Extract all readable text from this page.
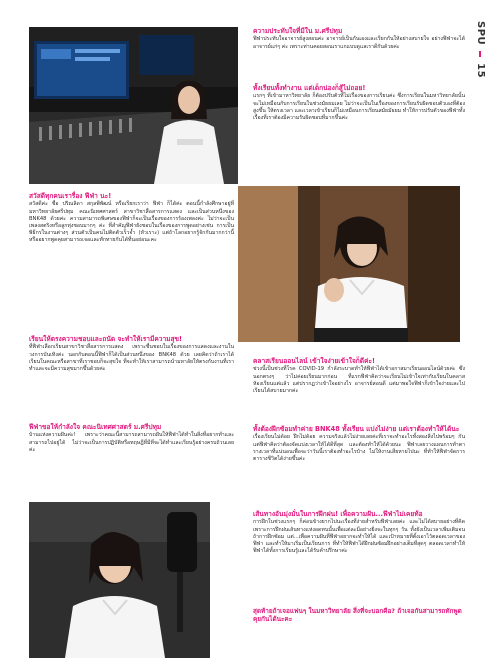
SPU  15

ความประทับใจที่มีใน ม.ศรีปทุม

ฟีฟ่าประทับใจอาจารย์สูงสอนค่ะ อาจารย์เป็นกันเองและเรียกกันให้อย่างสบายใจ อย่างฟีฟ่าจะได้อาจารย์แก่ๆ ค่ะ เพราะท่านคอยสอนเราแกแบบดูแลเราดีกันด้วยค่ะ

ทั้งเรียนทั้งทำงาน แต่เด็กน่องก็สู้ไม่ถอย!

แรกๆ ที่เข้ามาหาวิทยาลัย ก็ต้องปรับตัวที่ไม่เรื่องของการเรียนค่ะ ซึ่งการเรียนในมหาวิทยาลัยนั้นจะไม่เหมือนกับการเรียนในช่วงมัธยมเลย ไม่ว่าจะเป็นในเรื่องของการเรียนรับผิดชอบตัวเองที่ต้องสูงขึ้น ให้ตรงเวลา และเวลาเข้าเรียนก็ไม่เหมือนการเรียนสมัยมัธยม ทำให้การปรับตัวของฟีฟ่าทั้งเรื่องที่เราต้องมีความรับผิดชอบที่มากขึ้นค่ะ

สวัสดีทุกคนเรารื่อง ฟีฟ่า นะ!

สวัสดีค่ะ ชื่อ ปริณลิดา สกุลพีพัฒน์ หรือเรียกเราว่า ฟีฟ่า ก็ได้ค่ะ ตอนนี้กำลังศึกษาอยู่ที่มหาวิทยาลัยศรีปทุม คณะนิเทศศาสตร์ สาขาวิชาสื่อสารการแสดง และเป็นส่วนหนึ่งของ BNK48 ด้วยค่ะ ความสามารถพิเศษของฟีฟ่าก็จะเป็นเรื่องของการร้องเพลงค่ะ ไม่ว่าจะเป็นเพลงสตริงหรือลูกทุ่งชอบมากๆ ค่ะ ที่สำคัญฟีฟ่ายังชอบในเรื่องของการพูดอย่างเช่น การเป็นพิธีกรในงานต่างๆ ส่วนตัวเป็นคนไม่ติดตัวเร็วจ้ำ (หัวเราะ) แต่ถ้าโลกอยากรู้จักกันมากกว่านี้ หรืออยากพูดคุยสามารถเจอและทักทายกันได้ที่นอย่อนะคะ

เรียนให้ตรงความชอบและถนัด จะทำให้เรามีความสุข!

ที่ฟีฟ่าเลือกเรียนสาขาวิชาสื่อสารการแสดง เพราะชื่นชอบในเรื่องของการแสดงและงานในวงการบันเทิงค่ะ นอกกับตอนนี้ฟีฟ่าก็ได้เป็นส่วนหนึ่งของ BNK48 ด้วย เลยคิดว่าถ้าเราได้เรียนในคณะหรือสาขาที่เราชอบก็จะสุขใจ ที่จะทำให้เราสามารถนำมหาลัยให้ตรงกับงานที่เราทำและจะมีความสุขมากขึ้นด้วยค่ะ

ฟีฟ่าขอให้กำลังใจ คณะนิเทศศาสตร์ ม.ศรีปทุม

บ้านแห่งความฝันค่ะ! เพราะว่าคณะนี้สามารถสามารถฝันให้ฟีฟ่าได้ทำในสิ่งที่อยากทำและสามารถไปอยู่ได้ ไม่ว่าจะเป็นการปฏิบัติหรือทฤษฎีที่มีที่จะได้ทำและเรียนรู้อย่างครบถ้วนเลยค่ะ

คลาสเรียนออนไลน์ เข้าใจง่ายเข้าใจก็ดีค่ะ!

ช่วงนี้เป็นช่วงที่โรค COVID-19 กำลังระบาดทำให้ฟีฟ่าได้เข้าอกาสมาเรียนออนไลน์ด้วยค่ะ ซึ่งนอกตรงๆ ว่าไม่ค่อยเรียนมากก่อน ที่แรกฟีฟ่าคิดว่าจะเรียนไม่เข้าใจเท่ากับเรียนในคลาสห้องเรียนแต่แล้ว แต่ปรากฏว่าเข้าใจอย่างไร อาจารย์สอนดี แต่มาพอใจฟีฟ่าก็เข้าใจง่ายและไปเรียนได้สบายมากค่ะ

ทั้งต้องฝึกซ้อมทำค่าย BNK48 ทั้งเรียน แบ่งไม่ง่าย แต่เราต้องทำให้ได้นะ

เรื่องเรียนไม่ด้อย ฝึกไม่ด้อย ความจริงแล้วไม่ง่ายเลยค่ะที่เราจะทำอะไรทั้งสองสิ่งไปพร้อมๆ กัน แต่ฟีฟ่าคิดว่าต้องจัดแบ่งเวลาให้ได้ดีที่สุด และต้องทำให้ได้ด้วยนะ ฟีฟ่าเลยวางแผนการทำตารางเวลาที่แน่นอนเพื่อจะว่าวันนี้เราต้องทำอะไรบ้าง ไม่ให้งานเสียหายไปนะ ที่ทำให้ฟีฟ่าจัดการตารางชีวิตได้ง่ายขึ้นค่ะ

เส้นทางอันมุ่งมั่นในการฝึกฝน! เพื่อความฝัน...ฟีฟ่าไม่เคยท้อ

การฝึกในช่วงแรกๆ ก็ค่อนข้างยากไปนะเรื่องที่ง่ายสำหรับฟีฟ่าเลยค่ะ และไม่ได้สบายอย่างที่คิด เพราะการฝึกฝนเส้นทางแห่งอดทนนั้นเพื่อแต่ละมีอย่างยิ่งจะในทุกๆ วัน ทั้งยังเป็นเวลาเพิ่มเติมจนถ้าการฝึกซ้อม แต่...เพื่อความฝันที่ฟีฟ่าอยากจะทำให้ได้ และเป้าหมายที่ตั้งเอาไว้ตลอดเวลาของฟีฟ่า และทำให้มาเริ่มเป็นเรียนการ ที่ทำให้ฟีฟ่าได้ฝึกฝนซ้อมฝึกอย่างเต็มที่สุดๆ ตลอดเวลาทำให้ฟีฟ่าได้ทั้งการเรียนรู้และได้รับคำปรึกษาค่ะ

สุดท้ายถ้าเจอแฟนๆ ในมหาวิทยาลัย สิ่งที่จะบอกคือ? ถ้าเจอกันสามารถทักพูดคุยกันได้นะคะ
